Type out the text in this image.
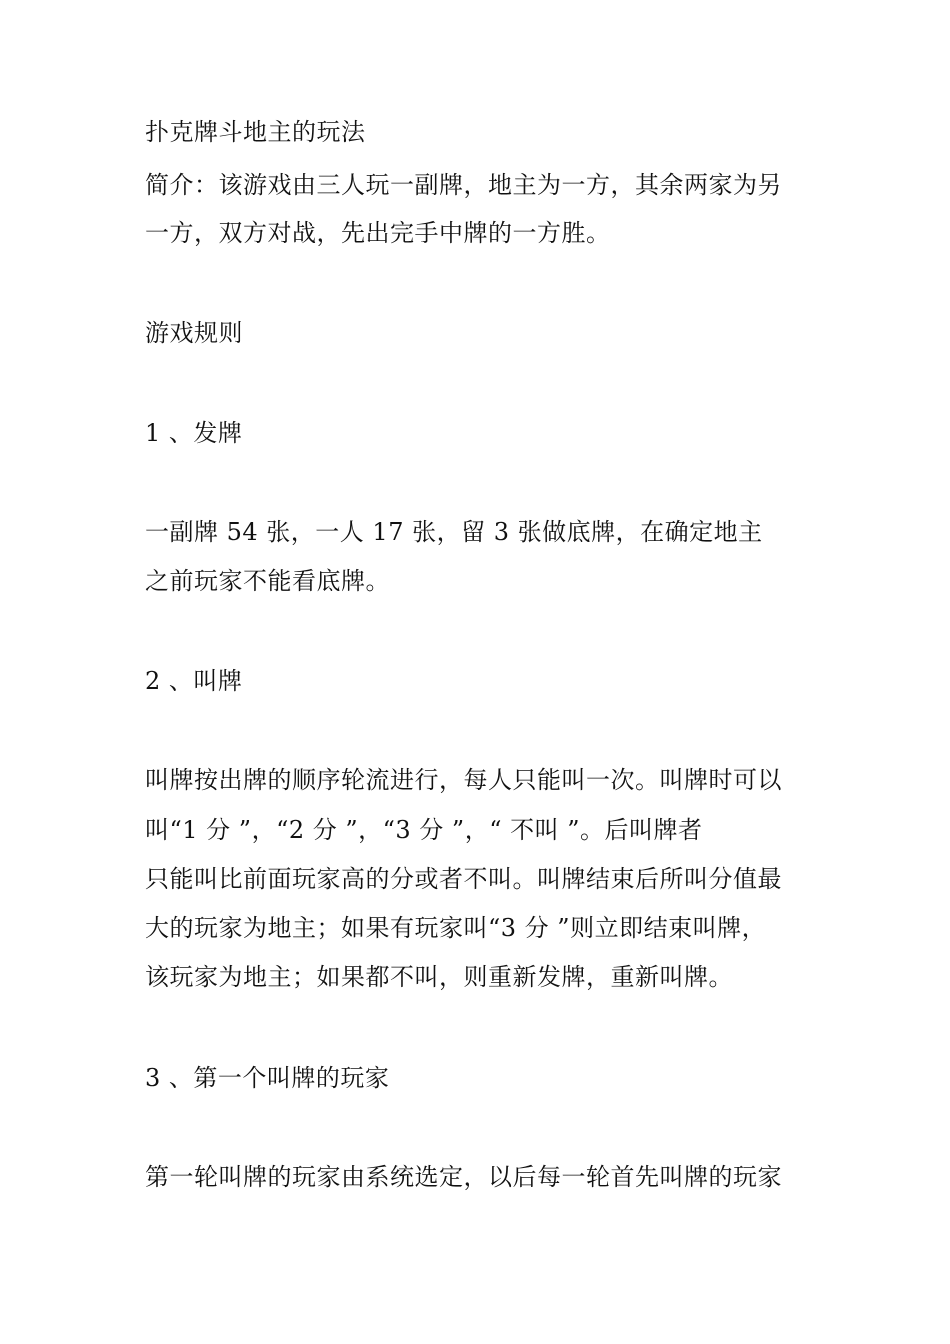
扑克牌斗地主的玩法
简介：该游戏由三人玩一副牌，地主为一方，其余两家为另
一方，双方对战，先出完手中牌的一方胜。
游戏规则
1 、发牌
一副牌 54 张，一人 17 张，留 3 张做底牌，在确定地主
之前玩家不能看底牌。
2 、叫牌
叫牌按出牌的顺序轮流进行，每人只能叫一次。叫牌时可以
叫“1 分 ”，“2 分 ”，“3 分 ”，“ 不叫 ”。后叫牌者
只能叫比前面玩家高的分或者不叫。叫牌结束后所叫分值最
大的玩家为地主；如果有玩家叫“3 分 ”则立即结束叫牌，
该玩家为地主；如果都不叫，则重新发牌，重新叫牌。
3 、第一个叫牌的玩家
第一轮叫牌的玩家由系统选定，以后每一轮首先叫牌的玩家
